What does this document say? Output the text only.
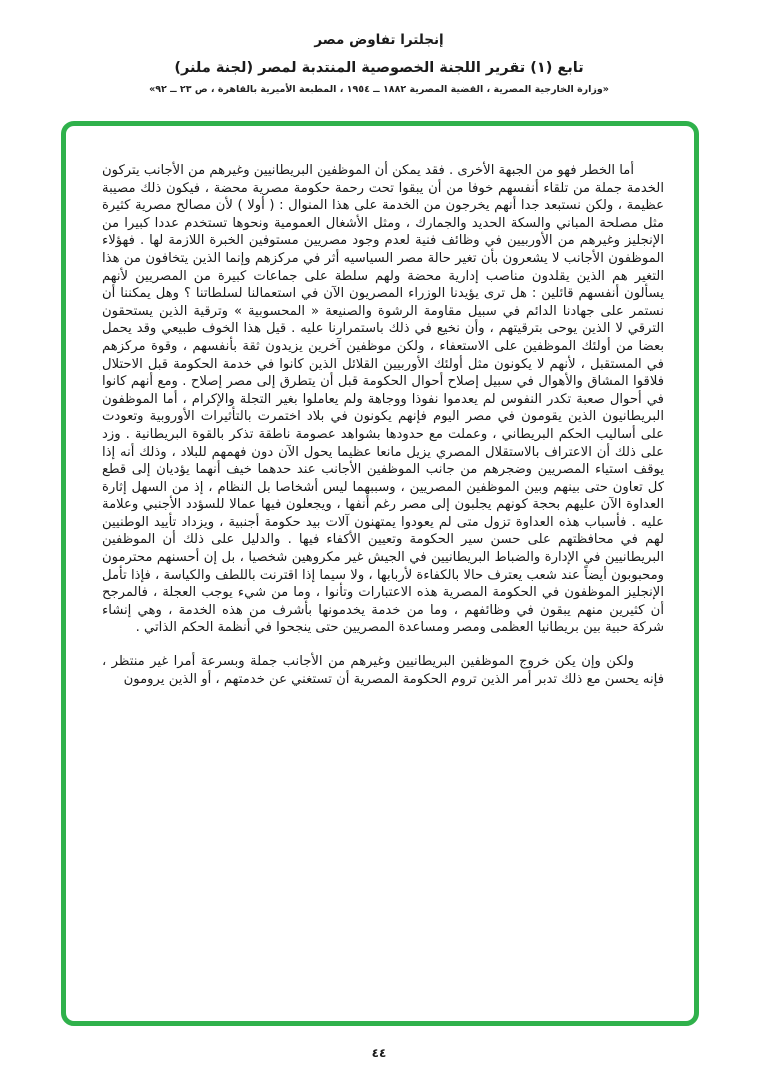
إنجلترا تفاوض مصر
تابع (١) تقرير اللجنة الخصوصية المنتدبة لمصر (لجنة ملنر)
«وزارة الخارجية المصرية ، القضية المصرية ١٨٨٢ ــ ١٩٥٤ ، المطبعة الأميرية بالقاهرة ، ص ٢٣ ــ ٩٢»

أما الخطر فهو من الجبهة الأخرى . فقد يمكن أن الموظفين البريطانيين وغيرهم من الأجانب يتركون الخدمة جملة من تلقاء أنفسهم خوفا من أن يبقوا تحت رحمة حكومة مصرية محضة ، فيكون ذلك مصيبة عظيمة ، ولكن نستبعد جدا أنهم يخرجون من الخدمة على هذا المنوال : ( أولا ) لأن مصالح مصرية كثيرة مثل مصلحة المباني والسكة الحديد والجمارك ، ومثل الأشغال العمومية ونحوها تستخدم عددا كبيرا من الإنجليز وغيرهم من الأوربيين في وظائف فنية لعدم وجود مصريين مستوفين الخبرة اللازمة لها . فهؤلاء الموظفون الأجانب لا يشعرون بأن تغير حالة مصر السياسيه أثر في مركزهم وإنما الذين يتخافون من هذا التغير هم الذين يقلدون مناصب إدارية محضة ولهم سلطة على جماعات كبيرة من المصريين لأنهم يسألون أنفسهم قائلين : هل ترى يؤيدنا الوزراء المصريون الآن في استعمالنا لسلطاتنا ؟ وهل يمكننا أن نستمر على جهادنا الدائم في سبيل مقاومة الرشوة والصنيعة « المحسوبية » وترقية الذين يستحقون الترقي لا الذين يوحى بترقيتهم ، وأن نخيع في ذلك باستمرارنا عليه . قيل هذا الخوف طبيعي وقد يحمل بعضا من أولئك الموظفين على الاستعفاء ، ولكن موظفين آخرين يزيدون ثقة بأنفسهم ، وقوة مركزهم في المستقبل ، لأنهم لا يكونون مثل أولئك الأوربيين القلائل الذين كانوا في خدمة الحكومة قبل الاحتلال فلاقوا المشاق والأهوال في سبيل إصلاح أحوال الحكومة قبل أن يتطرق إلى مصر إصلاح . ومع أنهم كانوا في أحوال صعبة تكدر النفوس لم يعدموا نفوذا ووجاهة ولم يعاملوا بغير التجلة والإكرام ، أما الموظفون البريطانيون الذين يقومون في مصر اليوم فإنهم يكونون في بلاد اختمرت بالتأثيرات الأوروبية وتعودت على أساليب الحكم البريطاني ، وعملت مع حدودها بشواهد عصومة ناطقة تذكر بالقوة البريطانية . وزد على ذلك أن الاعتراف بالاستقلال المصري يزيل مانعا عظيما يحول الآن دون فهمهم للبلاد ، وذلك أنه إذا يوقف استياء المصريين وضجرهم من جانب الموظفين الأجانب عند حدهما خيف أنهما يؤديان إلى قطع كل تعاون حتى بينهم وبين الموظفين المصريين ، وسببهما ليس أشخاصا بل النظام ، إذ من السهل إثارة العداوة الآن عليهم بحجة كونهم يجلبون إلى مصر رغم أنفها ، ويجعلون فيها عمالا للسؤدد الأجنبي وعلامة عليه . فأسباب هذه العداوة تزول متى لم يعودوا يمتهنون آلات بيد حكومة أجنبية ، ويزداد تأييد الوطنيين لهم في محافظتهم على حسن سير الحكومة وتعيين الأكفاء فيها . والدليل على ذلك أن الموظفين البريطانيين في الإدارة والضباط البريطانيين في الجيش غير مكروهين شخصيا ، بل إن أحسنهم محترمون ومحبوبون أيضاً عند شعب يعترف حالا بالكفاءة لأربابها ، ولا سيما إذا اقترنت باللطف والكياسة ، فإذا تأمل الإنجليز الموظفون في الحكومة المصرية هذه الاعتبارات وتأنوا ، وما من شيء يوجب العجلة ، فالمرجح أن كثيرين منهم يبقون في وظائفهم ، وما من خدمة يخدمونها بأشرف من هذه الخدمة ، وهي إنشاء شركة حبية بين بريطانيا العظمى ومصر ومساعدة المصريين حتى ينجحوا في أنظمة الحكم الذاتي .

ولكن وإن يكن خروج الموظفين البريطانيين وغيرهم من الأجانب جملة وبسرعة أمرا غير منتظر ، فإنه يحسن مع ذلك تدبر أمر الذين تروم الحكومة المصرية أن تستغني عن خدمتهم ، أو الذين يرومون

٤٤
